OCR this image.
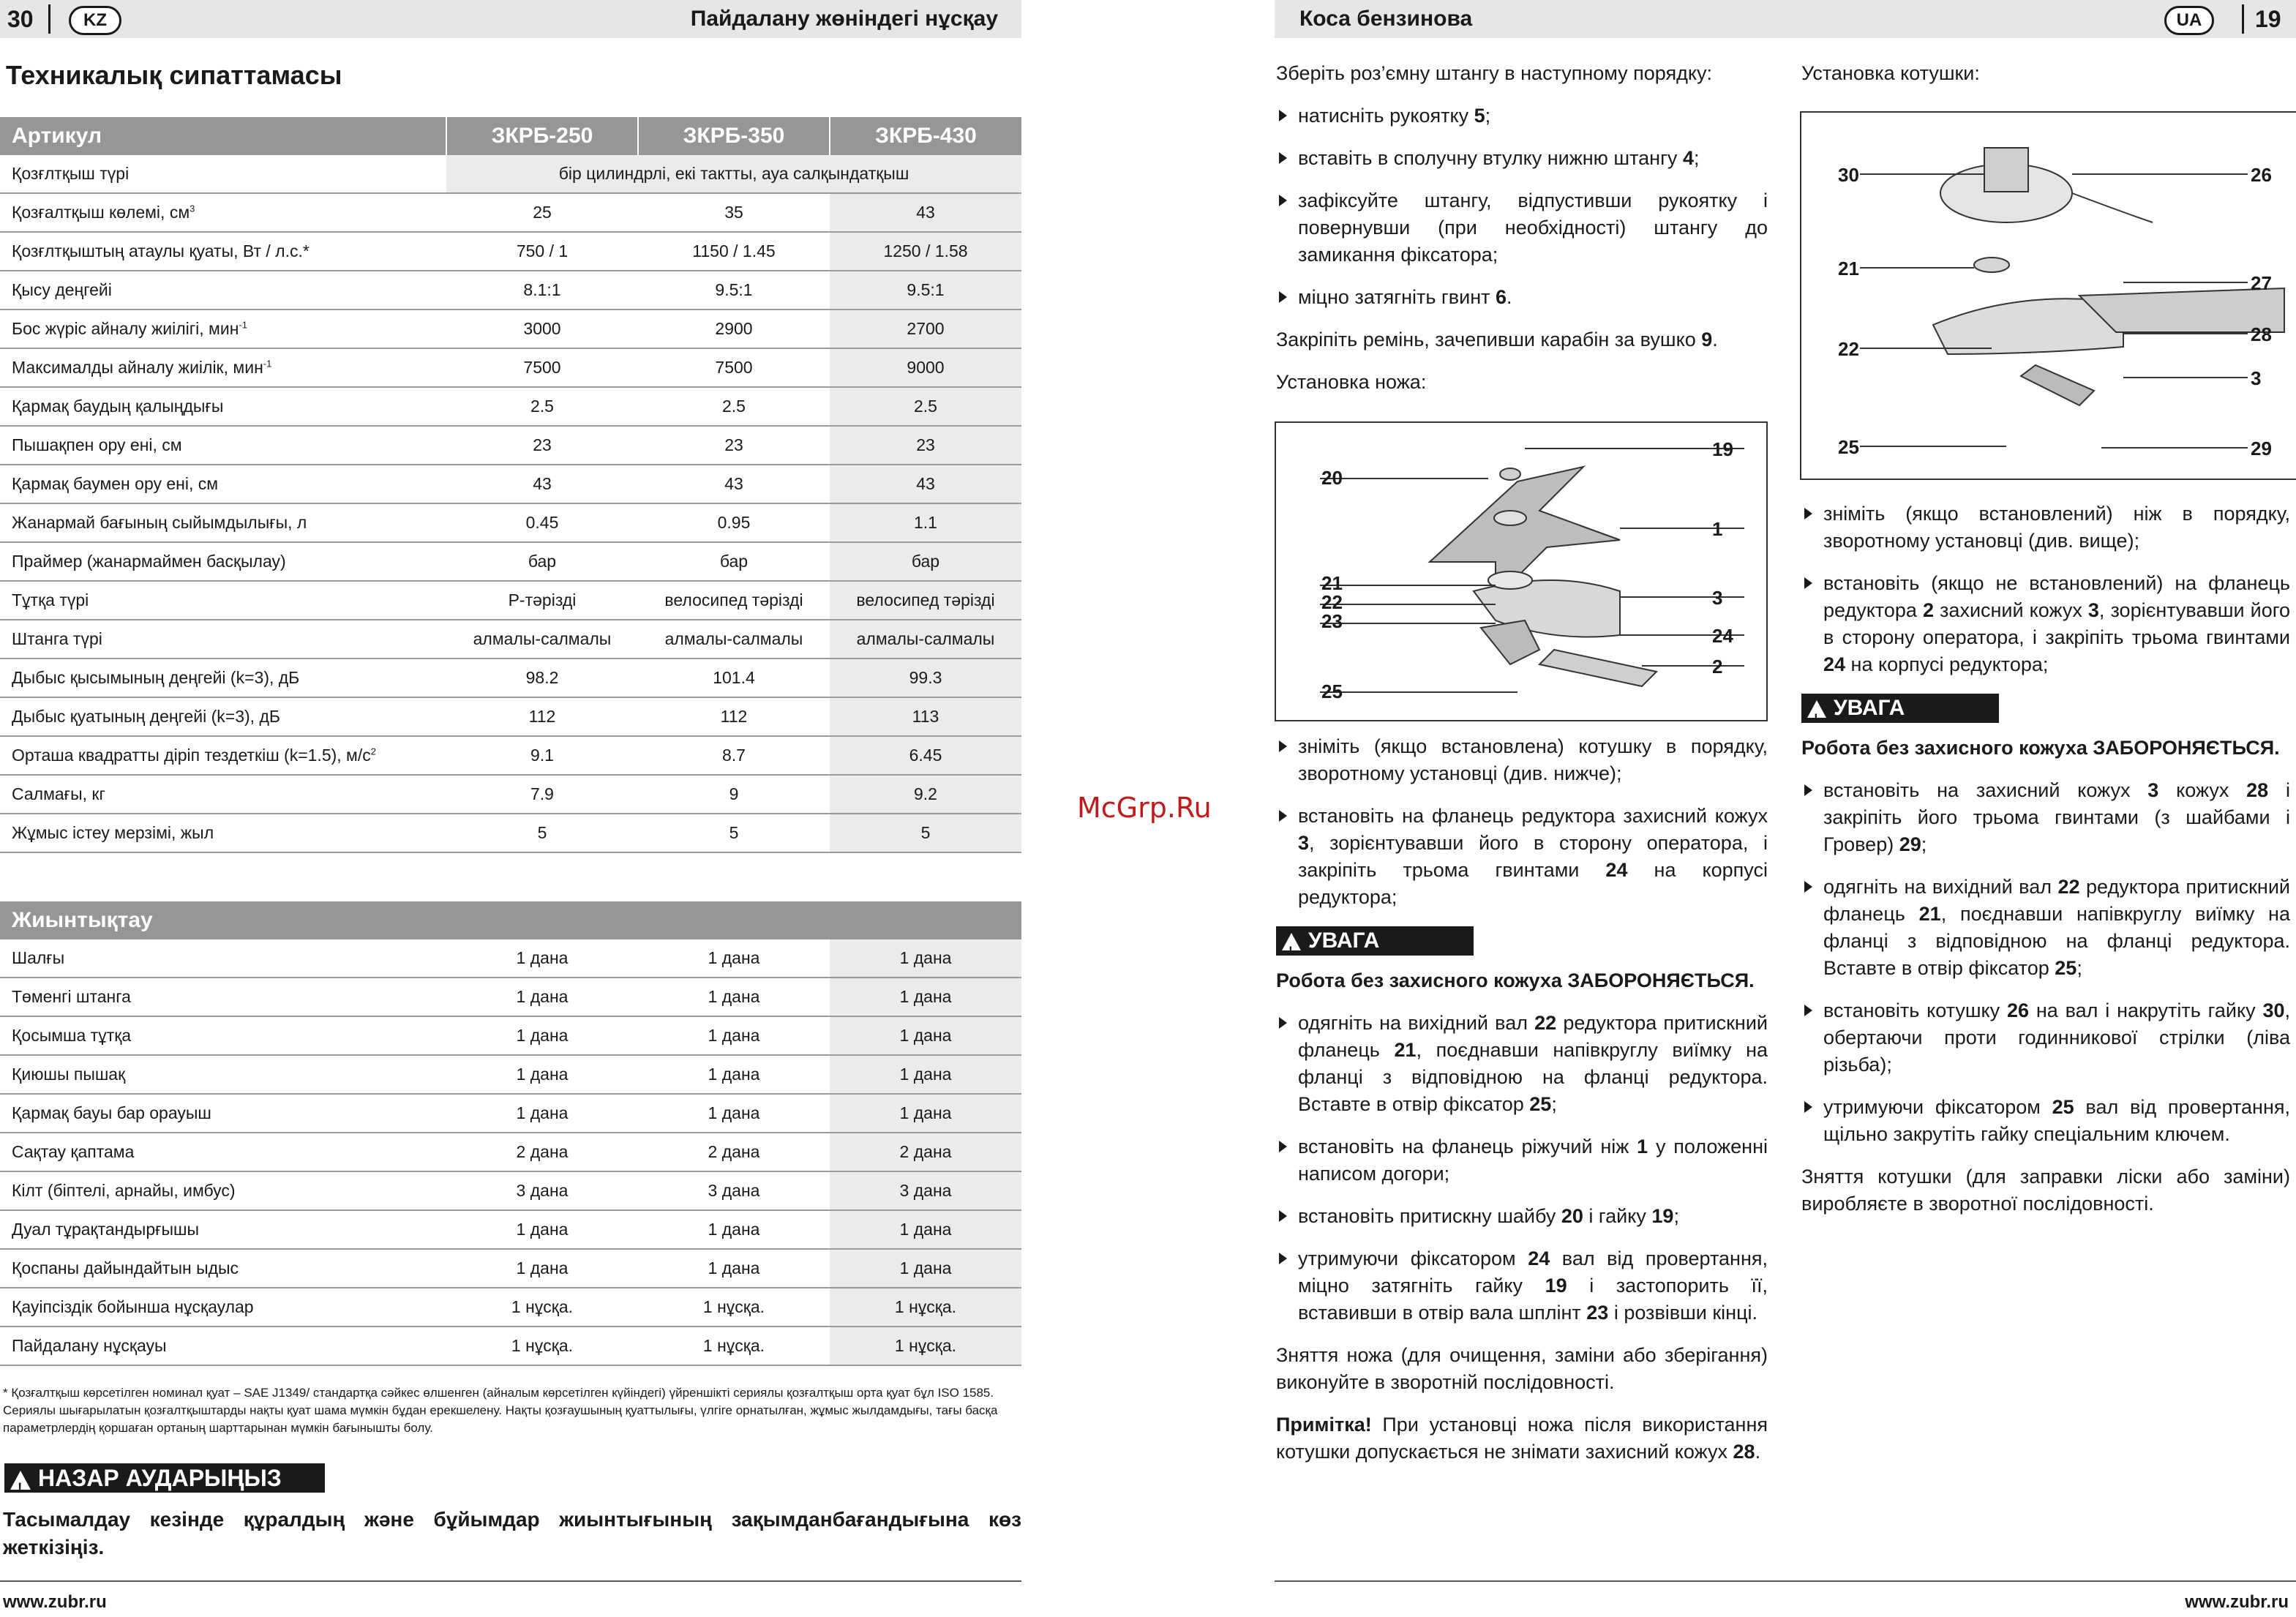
30	KZ	Пайдалану жөніндегі нұсқау
Техникалық сипаттамасы
Артикул	ЗКРБ-250	ЗКРБ-350	ЗКРБ-430
Қозғлтқыш түрі	бір цилиндрлі, екі тактты, ауа салқындатқыш		
Қозғалтқыш көлемі, $см^3$	25	35	43
Қозғлтқыштың атаулы қуаты, Вт / л.с.*	750 / 1	1150 / 1.45	1250 / 1.58
Қысу деңгейі	8.1:1	9.5:1	9.5:1
Бос жүріс айналу жиілігі, мин$^{-1}$	3000	2900	2700
Максималды айналу жиілік, мин$^{-1}$	7500	7500	9000
Қармақ баудың қалыңдығы	2.5	2.5	2.5
Пышақпен ору ені, см	23	23	23
Қармақ баумен ору ені, см	43	43	43
Жанармай бағының сыйымдылығы, л	0.45	0.95	1.1
Праймер (жанармаймен басқылау)	бар	бар	бар
Тұтқа түрі	Р-тәрізді	велосипед тәрізді	велосипед тәрізді
Штанга түрі	алмалы-салмалы	алмалы-салмалы	алмалы-салмалы
Дыбыс қысымының деңгейі (k=3), дБ	98.2	101.4	99.3
Дыбыс қуатының деңгейі (k=3), дБ	112	112	113
Орташа квадратты діріп тездеткіш (k=1.5), $м/с^2$	9.1	8.7	6.45
Салмағы, кг	7.9	9	9.2
Жұмыс істеу мерзімі, жыл	5	5	5
Жиынтықтау			
Шалғы	1 дана	1 дана	1 дана
Төменгі штанга	1 дана	1 дана	1 дана
Қосымша тұтқа	1 дана	1 дана	1 дана
Қиюшы пышақ	1 дана	1 дана	1 дана
Қармақ бауы бар орауыш	1 дана	1 дана	1 дана
Сақтау қаптама	2 дана	2 дана	2 дана
Кілт (біптелі, арнайы, имбус)	3 дана	3 дана	3 дана
Дуал тұрақтандырғышы	1 дана	1 дана	1 дана
Қоспаны дайындайтын ыдыс	1 дана	1 дана	1 дана
Қауіпсіздік бойынша нұсқаулар	1 нұсқа.	1 нұсқа.	1 нұсқа.
Пайдалану нұсқауы	1 нұсқа.	1 нұсқа.	1 нұсқа.
* Қозғалтқыш көрсетілген номинал қуат – SAE J1349/ стандартқа сәйкес өлшенген (айналым көрсетілген күйіндегі) үйреншікті сериялы қозғалтқыш орта қуат бұл ISO 1585. Сериялы шығарылатын қозғалтқыштарды нақты қуат шама мүмкін бұдан ерекшелену. Нақты қозғаушының қуаттылығы, үлгіге орнатылған, жұмыс жылдамдығы, тағы басқа параметрлердің қоршаған ортаның шарттарынан мүмкін бағынышты болу.
!НАЗАР АУДАРЫҢЫЗ
Тасымалдау кезінде құралдың және бұйымдар жиынтығының зақымданбағандығына көз жеткізіңіз.
www.zubr.ru
McGrp.Ru
Коса бензинова	UA	19

Зберіть роз’ємну штангу в наступному порядку:

натисніть рукоятку 5;
вставіть в сполучну втулку нижню штангу 4;
зафіксуйте штангу, відпустивши рукоятку і повернувши (при необхідності) штангу до замикання фіксатора;
міцно затягніть гвинт 6.

Закріпіть ремінь, зачепивши карабін за вушко 9.

Установка ножа:

зніміть (якщо встановлена) котушку в порядку, зворотному установці (див. нижче);
встановіть на фланець редуктора захисний кожух 3, зорієнтувавши його в сторону оператора, і закріпіть трьома гвинтами 24 на корпусі редуктора;
!УВАГА

Робота без захисного кожуха ЗАБОРОНЯЄТЬСЯ.

одягніть на вихідний вал 22 редуктора притискний фланець 21, поєднавши напівкруглу виїмку на фланці з відповідною на фланці редуктора. Вставте в отвір фіксатор 25;
встановіть на фланець ріжучий ніж 1 у положенні написом догори;
встановіть притискну шайбу 20 і гайку 19;
утримуючи фіксатором 24 вал від провертання, міцно затягніть гайку 19 і застопорить її, вставивши в отвір вала шплінт 23 і розвівши кінці.

Зняття ножа (для очищення, заміни або зберігання) виконуйте в зворотній послідовності.

Примітка! При установці ножа після використання котушки допускається не знімати захисний кожух 28.

19
20
1
21
22
23
3
24
2
25

Установка котушки:

зніміть (якщо встановлений) ніж в порядку, зворотному установці (див. вище);
встановіть (якщо не встановлений) на фланець редуктора 2 захисний кожух 3, зорієнтувавши його в сторону оператора, і закріпіть трьома гвинтами 24 на корпусі редуктора;
!УВАГА

Робота без захисного кожуха ЗАБОРОНЯЄТЬСЯ.

встановіть на захисний кожух 3 кожух 28 і закріпіть його трьома гвинтами (з шайбами і Гровер) 29;
одягніть на вихідний вал 22 редуктора притискний фланець 21, поєднавши напівкруглу виїмку на фланці з відповідною на фланці редуктора. Вставте в отвір фіксатор 25;
встановіть котушку 26 на вал і накрутіть гайку 30, обертаючи проти годинникової стрілки (ліва різьба);
утримуючи фіксатором 25 вал від провертання, щільно закрутіть гайку спеціальним ключем.

Зняття котушки (для заправки ліски або заміни) виробляєте в зворотної послідовності.

30	26
21
27
22
28
3
25	29
www.zubr.ru
